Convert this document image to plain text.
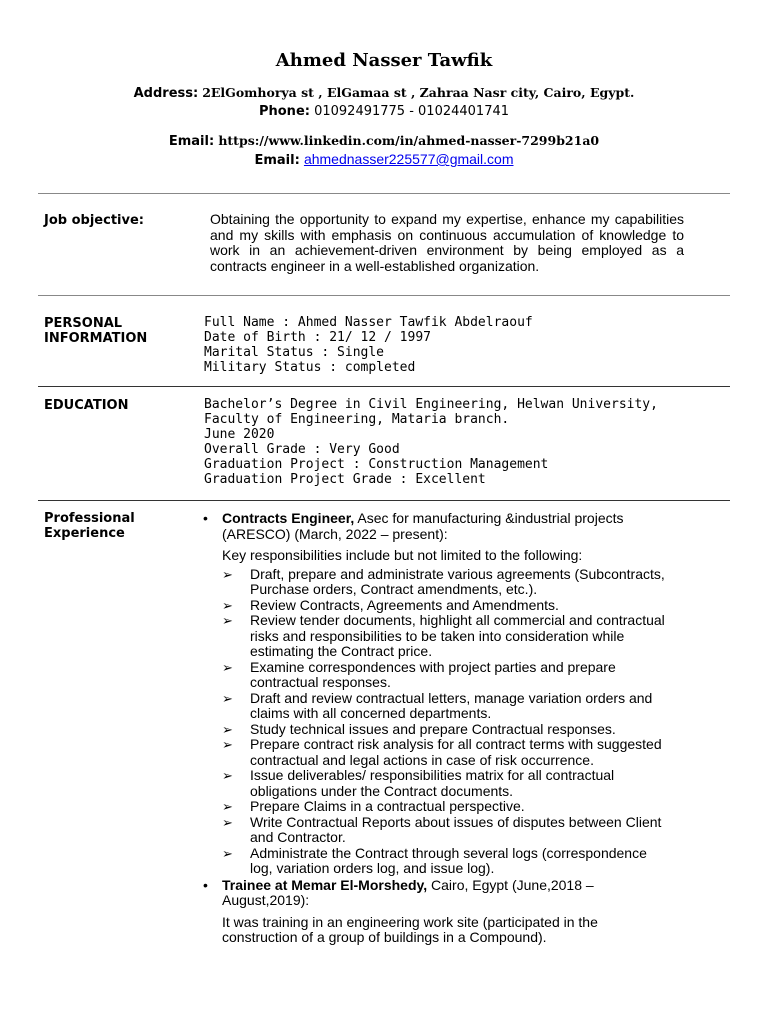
Ahmed Nasser Tawfik
Address: 2ElGomhorya st , ElGamaa st , Zahraa Nasr city, Cairo, Egypt.
Phone: 01092491775 - 01024401741
Email: https://www.linkedin.com/in/ahmed-nasser-7299b21a0
Email: ahmednasser225577@gmail.com
Job objective:	Obtaining the opportunity to expand my expertise, enhance my capabilities and my skills with emphasis on continuous accumulation of knowledge to work in an achievement-driven environment by being employed as a contracts engineer in a well-established organization.
PERSONAL
INFORMATION
Full Name : Ahmed Nasser Tawfik Abdelraouf
Date of Birth : 21/ 12 / 1997
Marital Status : Single
Military Status : completed
EDUCATION	Bachelor’s Degree in Civil Engineering, Helwan University,
Faculty of Engineering, Mataria branch.
June 2020
Overall Grade : Very Good
Graduation Project : Construction Management
Graduation Project Grade : Excellent
Professional
Experience
• Contracts Engineer, Asec for manufacturing &industrial projects (ARESCO) (March, 2022 – present):
Key responsibilities include but not limited to the following:
➢ Draft, prepare and administrate various agreements (Subcontracts, Purchase orders, Contract amendments, etc.).
➢ Review Contracts, Agreements and Amendments.
➢ Review tender documents, highlight all commercial and contractual risks and responsibilities to be taken into consideration while estimating the Contract price.
➢ Examine correspondences with project parties and prepare contractual responses.
➢ Draft and review contractual letters, manage variation orders and claims with all concerned departments.
➢ Study technical issues and prepare Contractual responses.
➢ Prepare contract risk analysis for all contract terms with suggested contractual and legal actions in case of risk occurrence.
➢ Issue deliverables/ responsibilities matrix for all contractual obligations under the Contract documents.
➢ Prepare Claims in a contractual perspective.
➢ Write Contractual Reports about issues of disputes between Client and Contractor.
➢ Administrate the Contract through several logs (correspondence log, variation orders log, and issue log).
• Trainee at Memar El-Morshedy, Cairo, Egypt (June,2018 – August,2019):
It was training in an engineering work site (participated in the construction of a group of buildings in a Compound).
